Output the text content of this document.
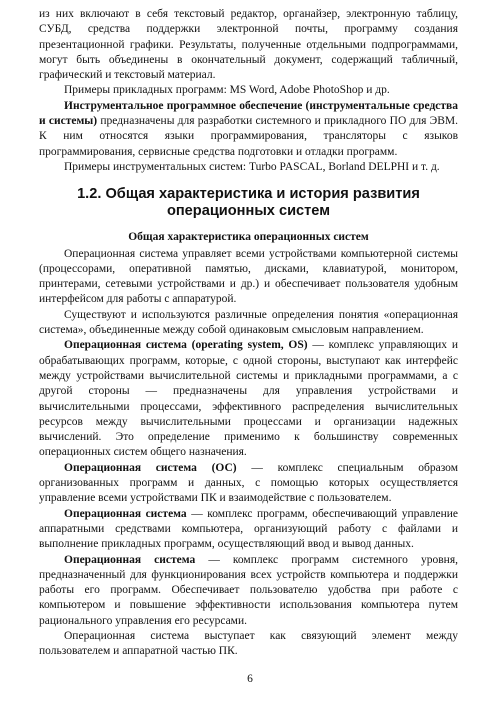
из них включают в себя текстовый редактор, органайзер, электронную таблицу, СУБД, средства поддержки электронной почты, программу создания презентационной графики. Результаты, полученные отдельными подпрограммами, могут быть объединены в окончательный документ, содержащий табличный, графический и текстовый материал.

Примеры прикладных программ: MS Word, Adobe PhotoShop и др.

Инструментальное программное обеспечение (инструментальные средства и системы) предназначены для разработки системного и прикладного ПО для ЭВМ. К ним относятся языки программирования, трансляторы с языков программирования, сервисные средства подготовки и отладки программ.

Примеры инструментальных систем: Turbo PASCAL, Borland DELPHI и т. д.

1.2. Общая характеристика и история развития операционных систем

Общая характеристика операционных систем

Операционная система управляет всеми устройствами компьютерной системы (процессорами, оперативной памятью, дисками, клавиатурой, монитором, принтерами, сетевыми устройствами и др.) и обеспечивает пользователя удобным интерфейсом для работы с аппаратурой.

Существуют и используются различные определения понятия «операционная система», объединенные между собой одинаковым смысловым направлением.

Операционная система (operating system, OS) — комплекс управляющих и обрабатывающих программ, которые, с одной стороны, выступают как интерфейс между устройствами вычислительной системы и прикладными программами, а с другой стороны — предназначены для управления устройствами и вычислительными процессами, эффективного распределения вычислительных ресурсов между вычислительными процессами и организации надежных вычислений. Это определение применимо к большинству современных операционных систем общего назначения.

Операционная система (ОС) — комплекс специальным образом организованных программ и данных, с помощью которых осуществляется управление всеми устройствами ПК и взаимодействие с пользователем.

Операционная система — комплекс программ, обеспечивающий управление аппаратными средствами компьютера, организующий работу с файлами и выполнение прикладных программ, осуществляющий ввод и вывод данных.

Операционная система — комплекс программ системного уровня, предназначенный для функционирования всех устройств компьютера и поддержки работы его программ. Обеспечивает пользователю удобства при работе с компьютером и повышение эффективности использования компьютера путем рационального управления его ресурсами.

Операционная система выступает как связующий элемент между пользователем и аппаратной частью ПК.

6
